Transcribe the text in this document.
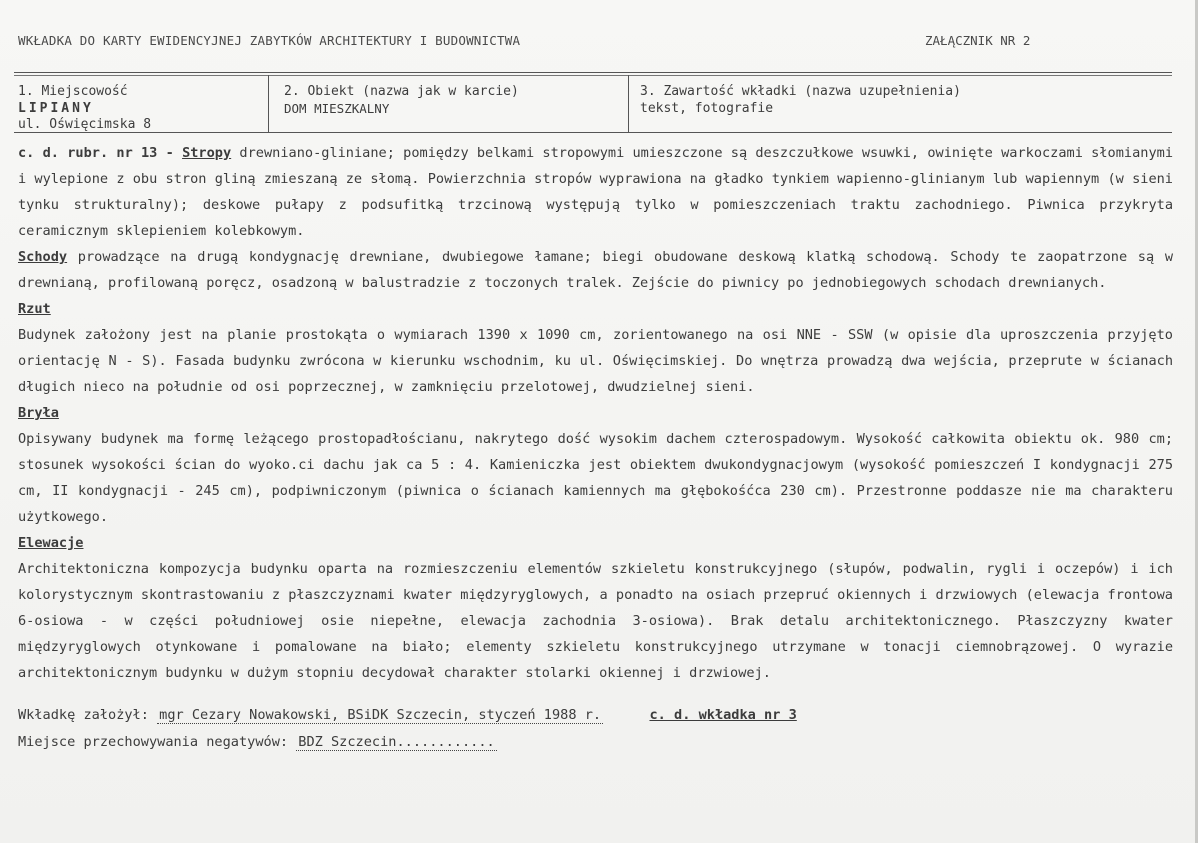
WKŁADKA DO KARTY EWIDENCYJNEJ ZABYTKÓW ARCHITEKTURY I BUDOWNICTWA	ZAŁĄCZNIK NR 2
1. Miejscowość
LIPIANY
ul. Oświęcimska 8
2. Obiekt (nazwa jak w karcie)
DOM MIESZKALNY
3. Zawartość wkładki (nazwa uzupełnienia)
tekst, fotografie

c. d. rubr. nr 13 - Stropy drewniano-gliniane; pomiędzy belkami stropowymi umieszczone są deszczułkowe wsuwki, owinięte warkoczami słomianymi i wylepione z obu stron gliną zmieszaną ze słomą. Powierzchnia stropów wyprawiona na gładko tynkiem wapienno-glinianym lub wapiennym (w sieni tynku strukturalny); deskowe pułapy z podsufitką trzcinową występują tylko w pomieszczeniach traktu zachodniego. Piwnica przykryta ceramicznym sklepieniem kolebkowym.

Schody prowadzące na drugą kondygnację drewniane, dwubiegowe łamane; biegi obudowane deskową klatką schodową. Schody te zaopatrzone są w drewnianą, profilowaną poręcz, osadzoną w balustradzie z toczonych tralek. Zejście do piwnicy po jednobiegowych schodach drewnianych.

Rzut

Budynek założony jest na planie prostokąta o wymiarach 1390 x 1090 cm, zorientowanego na osi NNE - SSW (w opisie dla uproszczenia przyjęto orientację N - S). Fasada budynku zwrócona w kierunku wschodnim, ku ul. Oświęcimskiej. Do wnętrza prowadzą dwa wejścia, przeprute w ścianach długich nieco na południe od osi poprzecznej, w zamknięciu przelotowej, dwudzielnej sieni.

Bryła

Opisywany budynek ma formę leżącego prostopadłościanu, nakrytego dość wysokim dachem czterospadowym. Wysokość całkowita obiektu ok. 980 cm; stosunek wysokości ścian do wyoko.ci dachu jak ca 5 : 4. Kamieniczka jest obiektem dwukondygnacjowym (wysokość pomieszczeń I kondygnacji 275 cm, II kondygnacji - 245 cm), podpiwniczonym (piwnica o ścianach kamiennych ma głębokośćca 230 cm). Przestronne poddasze nie ma charakteru użytkowego.

Elewacje

Architektoniczna kompozycja budynku oparta na rozmieszczeniu elementów szkieletu konstrukcyjnego (słupów, podwalin, rygli i oczepów) i ich kolorystycznym skontrastowaniu z płaszczyznami kwater międzyryglowych, a ponadto na osiach przepruć okiennych i drzwiowych (elewacja frontowa 6-osiowa - w części południowej osie niepełne, elewacja zachodnia 3-osiowa). Brak detalu architektonicznego. Płaszczyzny kwater międzyryglowych otynkowane i pomalowane na biało; elementy szkieletu konstrukcyjnego utrzymane w tonacji ciemnobrązowej. O wyrazie architektonicznym budynku w dużym stopniu decydował charakter stolarki okiennej i drzwiowej.

Wkładkę założył: mgr Cezary Nowakowski, BSiDK Szczecin, styczeń 1988 r.	c. d. wkładka nr 3
Miejsce przechowywania negatywów: BDZ Szczecin............
